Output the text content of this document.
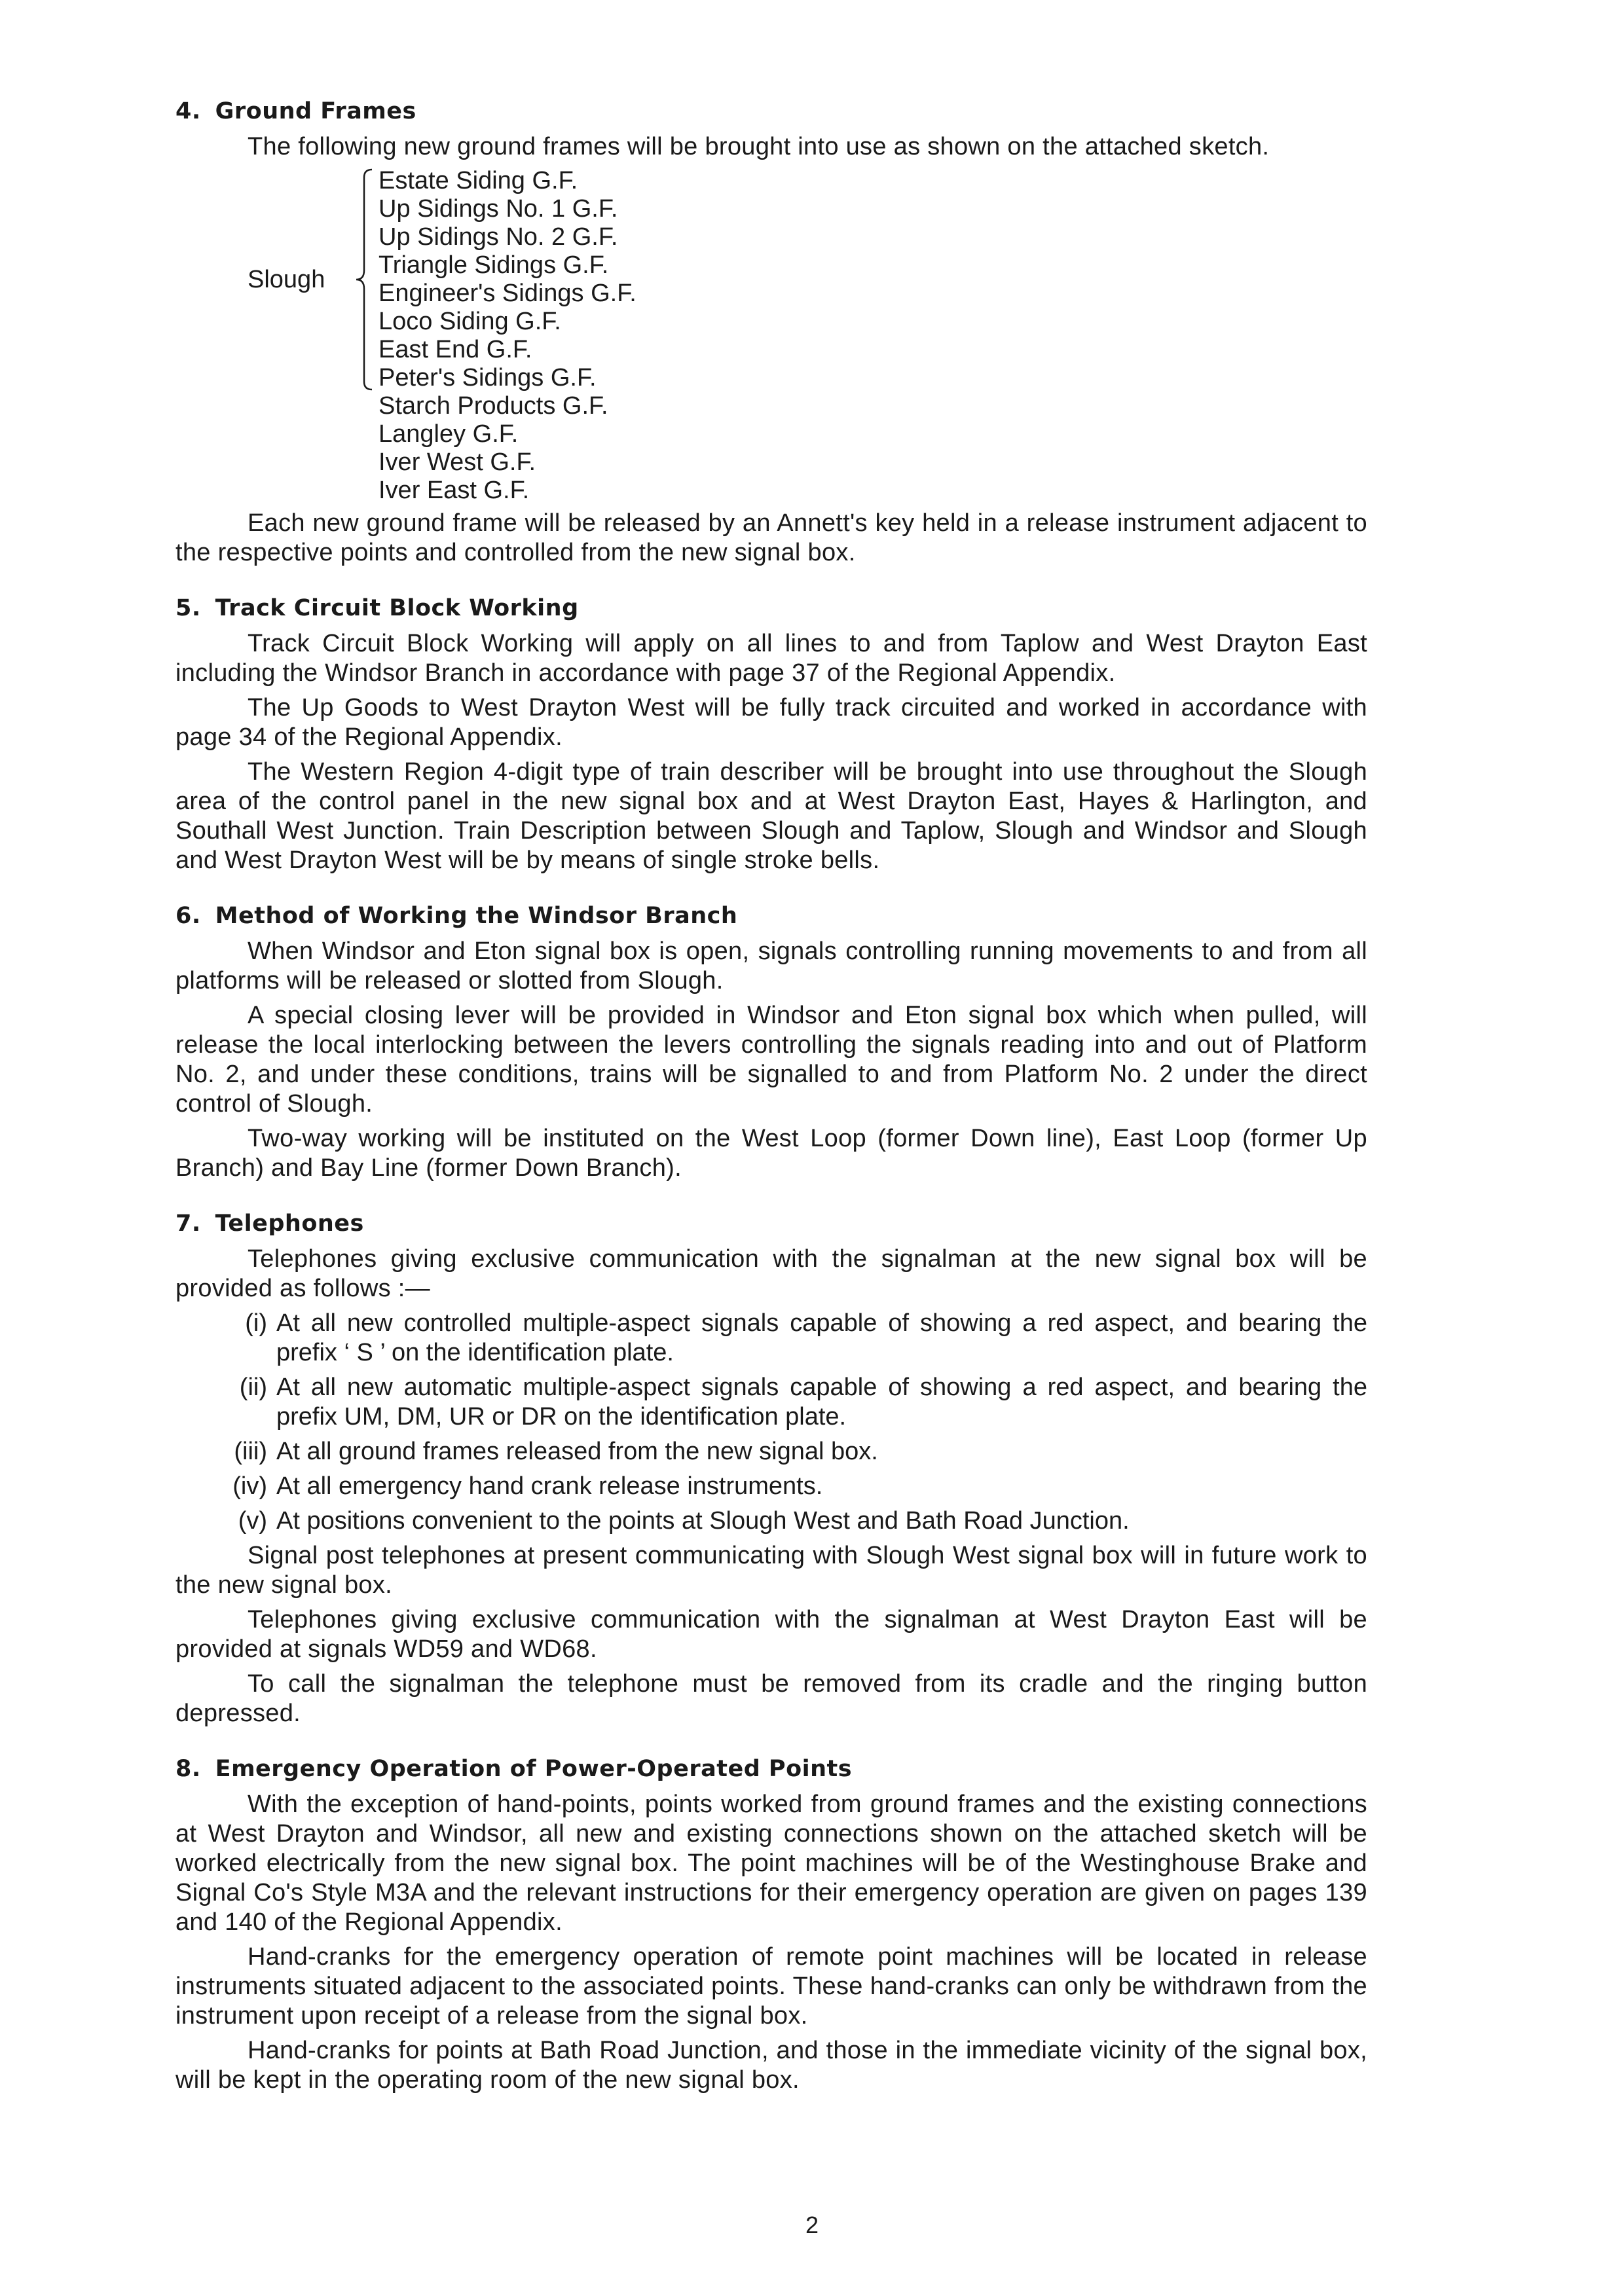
4. Ground Frames

The following new ground frames will be brought into use as shown on the attached sketch.

Slough
Estate Siding G.F.
Up Sidings No. 1 G.F.
Up Sidings No. 2 G.F.
Triangle Sidings G.F.
Engineer's Sidings G.F.
Loco Siding G.F.
East End G.F.
Peter's Sidings G.F.
Starch Products G.F.
Langley G.F.
Iver West G.F.
Iver East G.F.

Each new ground frame will be released by an Annett's key held in a release instrument adjacent to the respective points and controlled from the new signal box.

5. Track Circuit Block Working

Track Circuit Block Working will apply on all lines to and from Taplow and West Drayton East including the Windsor Branch in accordance with page 37 of the Regional Appendix.

The Up Goods to West Drayton West will be fully track circuited and worked in accordance with page 34 of the Regional Appendix.

The Western Region 4-digit type of train describer will be brought into use throughout the Slough area of the control panel in the new signal box and at West Drayton East, Hayes & Harlington, and Southall West Junction. Train Description between Slough and Taplow, Slough and Windsor and Slough and West Drayton West will be by means of single stroke bells.

6. Method of Working the Windsor Branch

When Windsor and Eton signal box is open, signals controlling running movements to and from all platforms will be released or slotted from Slough.

A special closing lever will be provided in Windsor and Eton signal box which when pulled, will release the local interlocking between the levers controlling the signals reading into and out of Platform No. 2, and under these conditions, trains will be signalled to and from Platform No. 2 under the direct control of Slough.

Two-way working will be instituted on the West Loop (former Down line), East Loop (former Up Branch) and Bay Line (former Down Branch).

7. Telephones

Telephones giving exclusive communication with the signalman at the new signal box will be provided as follows :—

(i) At all new controlled multiple-aspect signals capable of showing a red aspect, and bearing the prefix ‘ S ’ on the identification plate.
(ii) At all new automatic multiple-aspect signals capable of showing a red aspect, and bearing the prefix UM, DM, UR or DR on the identification plate.
(iii) At all ground frames released from the new signal box.
(iv) At all emergency hand crank release instruments.
(v) At positions convenient to the points at Slough West and Bath Road Junction.

Signal post telephones at present communicating with Slough West signal box will in future work to the new signal box.

Telephones giving exclusive communication with the signalman at West Drayton East will be provided at signals WD59 and WD68.

To call the signalman the telephone must be removed from its cradle and the ringing button depressed.

8. Emergency Operation of Power-Operated Points

With the exception of hand-points, points worked from ground frames and the existing connections at West Drayton and Windsor, all new and existing connections shown on the attached sketch will be worked electrically from the new signal box. The point machines will be of the Westinghouse Brake and Signal Co's Style M3A and the relevant instructions for their emergency operation are given on pages 139 and 140 of the Regional Appendix.

Hand-cranks for the emergency operation of remote point machines will be located in release instruments situated adjacent to the associated points. These hand-cranks can only be withdrawn from the instrument upon receipt of a release from the signal box.

Hand-cranks for points at Bath Road Junction, and those in the immediate vicinity of the signal box, will be kept in the operating room of the new signal box.

2
